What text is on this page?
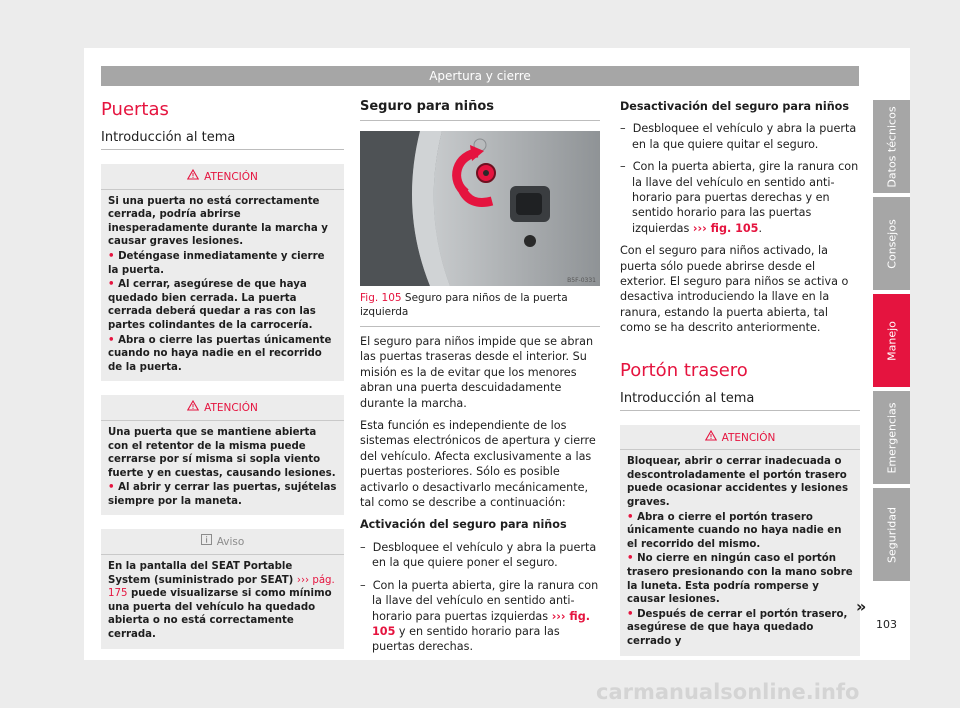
Apertura y cierre
Puertas
Introducción al tema
ATENCIÓN

Si una puerta no está correctamente cerrada, podría abrirse inesperadamente durante la marcha y causar graves lesiones.

• Deténgase inmediatamente y cierre la puerta.

• Al cerrar, asegúrese de que haya quedado bien cerrada. La puerta cerrada deberá quedar a ras con las partes colindantes de la carrocería.

• Abra o cierre las puertas únicamente cuando no haya nadie en el recorrido de la puerta.

ATENCIÓN

Una puerta que se mantiene abierta con el retentor de la misma puede cerrarse por sí misma si sopla viento fuerte y en cuestas, causando lesiones.

• Al abrir y cerrar las puertas, sujételas siempre por la maneta.

Aviso

En la pantalla del SEAT Portable System (suministrado por SEAT) ››› pág. 175 puede visualizarse si como mínimo una puerta del vehículo ha quedado abierta o no está correctamente cerrada.

Seguro para niños
B5F-0331

Fig. 105 Seguro para niños de la puerta izquierda

El seguro para niños impide que se abran las puertas traseras desde el interior. Su misión es la de evitar que los menores abran una puerta descuidadamente durante la marcha.

Esta función es independiente de los sistemas electrónicos de apertura y cierre del vehículo. Afecta exclusivamente a las puertas posteriores. Sólo es posible activarlo o desactivarlo mecánicamente, tal como se describe a continuación:

Activación del seguro para niños

–  Desbloquee el vehículo y abra la puerta en la que quiere poner el seguro.

–  Con la puerta abierta, gire la ranura con la llave del vehículo en sentido anti-horario para puertas izquierdas ››› fig. 105 y en sentido horario para las puertas derechas.

Desactivación del seguro para niños

–  Desbloquee el vehículo y abra la puerta en la que quiere quitar el seguro.

–  Con la puerta abierta, gire la ranura con la llave del vehículo en sentido anti-horario para puertas derechas y en sentido horario para las puertas izquierdas ››› fig. 105.

Con el seguro para niños activado, la puerta sólo puede abrirse desde el exterior. El seguro para niños se activa o desactiva introduciendo la llave en la ranura, estando la puerta abierta, tal como se ha descrito anteriormente.

Portón trasero
Introducción al tema
ATENCIÓN

Bloquear, abrir o cerrar inadecuada o descontroladamente el portón trasero puede ocasionar accidentes y lesiones graves.

• Abra o cierre el portón trasero únicamente cuando no haya nadie en el recorrido del mismo.

• No cierre en ningún caso el portón trasero presionando con la mano sobre la luneta. Esta podría romperse y causar lesiones.

• Después de cerrar el portón trasero, asegúrese de que haya quedado cerrado y

Datos técnicos
Consejos
Manejo
Emergencias
Seguridad
»
103
carmanualsonline.info
